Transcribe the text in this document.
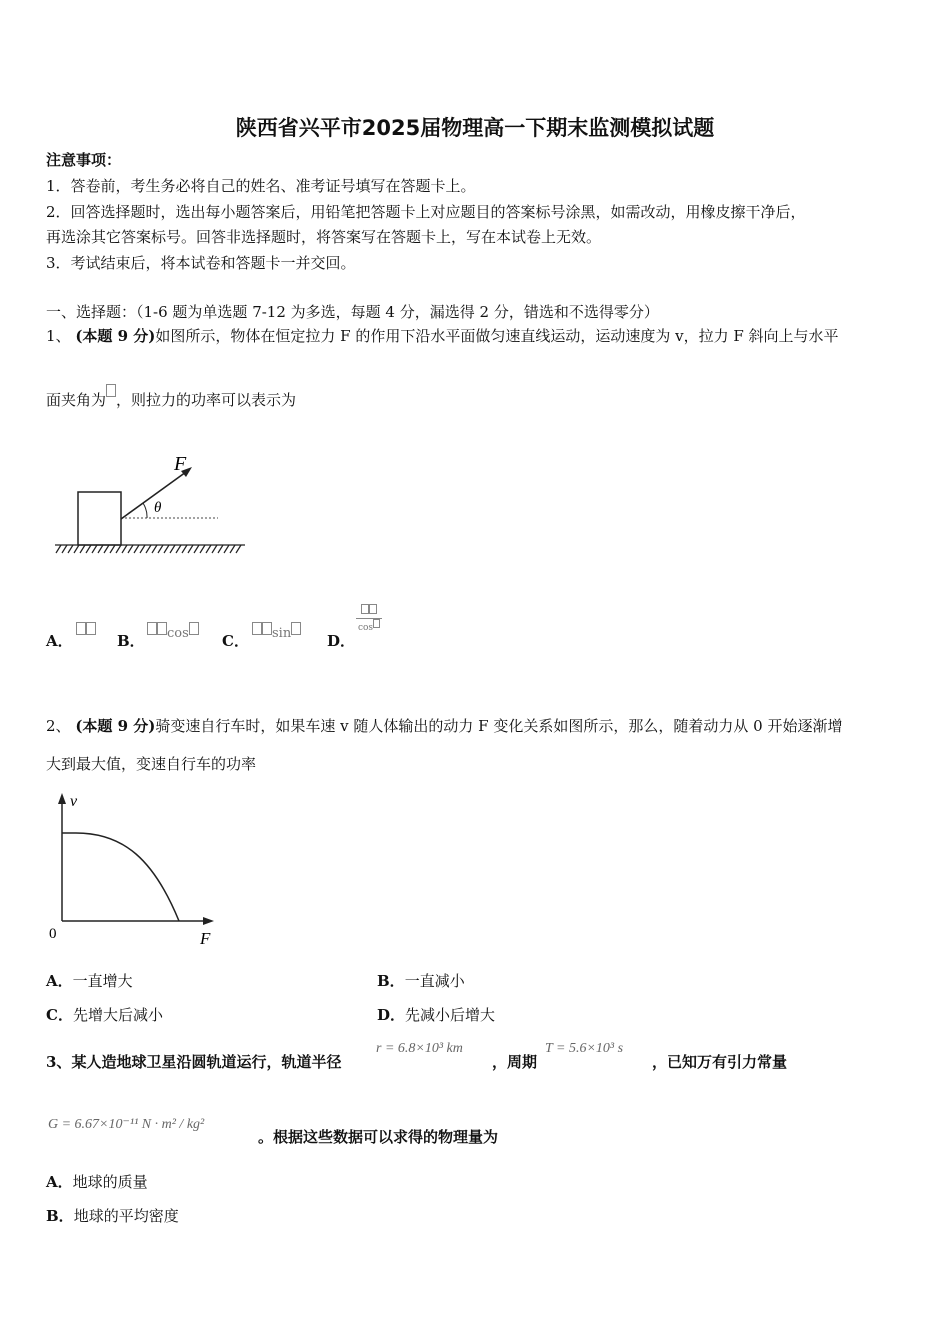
陕西省兴平市2025届物理高一下期末监测模拟试题
注意事项：
1．答卷前，考生务必将自己的姓名、准考证号填写在答题卡上。
2．回答选择题时，选出每小题答案后，用铅笔把答题卡上对应题目的答案标号涂黑，如需改动，用橡皮擦干净后，
再选涂其它答案标号。回答非选择题时，将答案写在答题卡上，写在本试卷上无效。
3．考试结束后，将本试卷和答题卡一并交回。
一、选择题：（1-6 题为单选题 7-12 为多选，每题 4 分，漏选得 2 分，错选和不选得零分）
1、 (本题 9 分)如图所示，物体在恒定拉力 F 的作用下沿水平面做匀速直线运动，运动速度为 v，拉力 F 斜向上与水平
面夹角为 ，则拉力的功率可以表示为
F
θ
A．	B．	cos	C．	sin	D．
cos
2、 (本题 9 分)骑变速自行车时，如果车速 v 随人体输出的动力 F 变化关系如图所示，那么，随着动力从 0 开始逐渐增
大到最大值，变速自行车的功率
v
F
0
A．一直增大	B．一直减小
C．先增大后减小	D．先减小后增大
3、某人造地球卫星沿圆轨道运行，轨道半径
r = 6.8×10³ km
，周期
T = 5.6×10³ s
，已知万有引力常量
G = 6.67×10⁻¹¹ N · m² / kg²
。根据这些数据可以求得的物理量为
A．地球的质量
B．地球的平均密度
